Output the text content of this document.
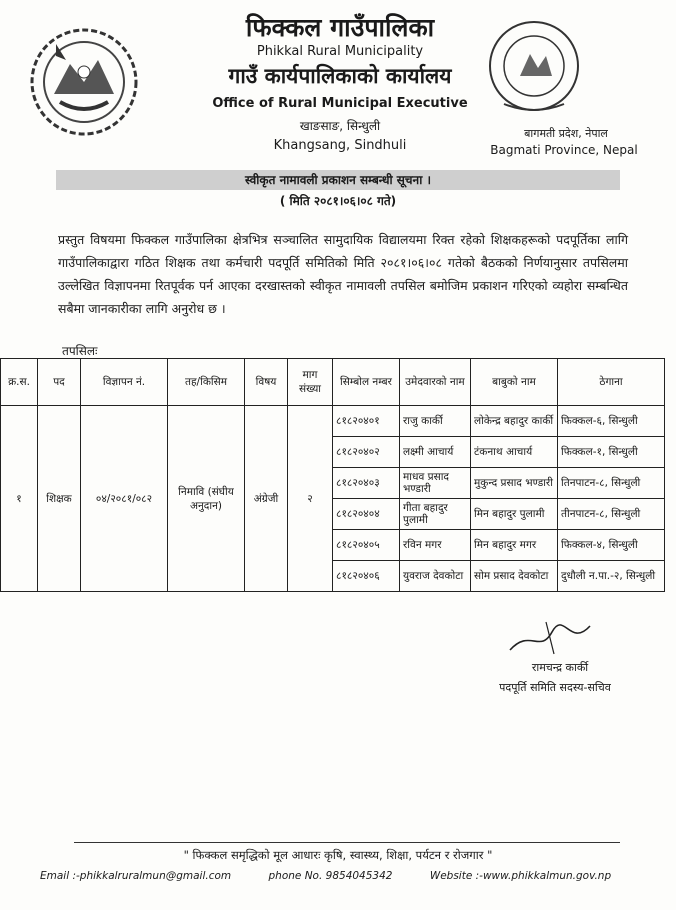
फिक्कल गाउँपालिका
Phikkal Rural Municipality
गाउँ कार्यपालिकाको कार्यालय
Office of Rural Municipal Executive
खाङसाङ, सिन्धुली
Khangsang, Sindhuli
बागमती प्रदेश, नेपाल
Bagmati Province, Nepal
स्वीकृत नामावली प्रकाशन सम्बन्धी सूचना ।
( मिति २०८१।०६।०८ गते)
प्रस्तुत विषयमा फिक्कल गाउँपालिका क्षेत्रभित्र सञ्चालित सामुदायिक विद्यालयमा रिक्त रहेको शिक्षकहरूको पदपूर्तिका लागि गाउँपालिकाद्वारा गठित शिक्षक तथा कर्मचारी पदपूर्ति समितिको मिति २०८१।०६।०८ गतेको बैठकको निर्णयानुसार तपसिलमा उल्लेखित विज्ञापनमा रितपूर्वक पर्न आएका दरखास्तको स्वीकृत नामावली तपसिल बमोजिम प्रकाशन गरिएको व्यहोरा सम्बन्धित सबैमा जानकारीका लागि अनुरोध छ ।
तपसिलः
क्र.स.	पद	विज्ञापन नं.	तह/किसिम	विषय	माग संख्या	सिम्बोल नम्बर	उमेदवारको नाम	बाबुको नाम	ठेगाना
१	शिक्षक	०४/२०८१/०८२	निमावि (संघीय अनुदान)	अंग्रेजी	२	८१८२०४०१	राजु कार्की	लोकेन्द्र बहादुर कार्की	फिक्कल-६, सिन्धुली
						८१८२०४०२	लक्ष्मी आचार्य	टंकनाथ आचार्य	फिक्कल-१, सिन्धुली
						८१८२०४०३	माधव प्रसाद भण्डारी	मुकुन्द प्रसाद भण्डारी	तिनपाटन-८, सिन्धुली
						८१८२०४०४	गीता बहादुर पुलामी	मिन बहादुर पुलामी	तीनपाटन-८, सिन्धुली
						८१८२०४०५	रविन मगर	मिन बहादुर मगर	फिक्कल-४, सिन्धुली
						८१८२०४०६	युवराज देवकोटा	सोम प्रसाद देवकोटा	दुधौली न.पा.-२, सिन्धुली
रामचन्द्र कार्की
पदपूर्ति समिति सदस्य-सचिव
" फिक्कल समृद्धिको मूल आधारः कृषि, स्वास्थ्य, शिक्षा, पर्यटन र रोजगार "
Email :-phikkalruralmun@gmail.com	phone No. 9854045342	Website :-www.phikkalmun.gov.np
